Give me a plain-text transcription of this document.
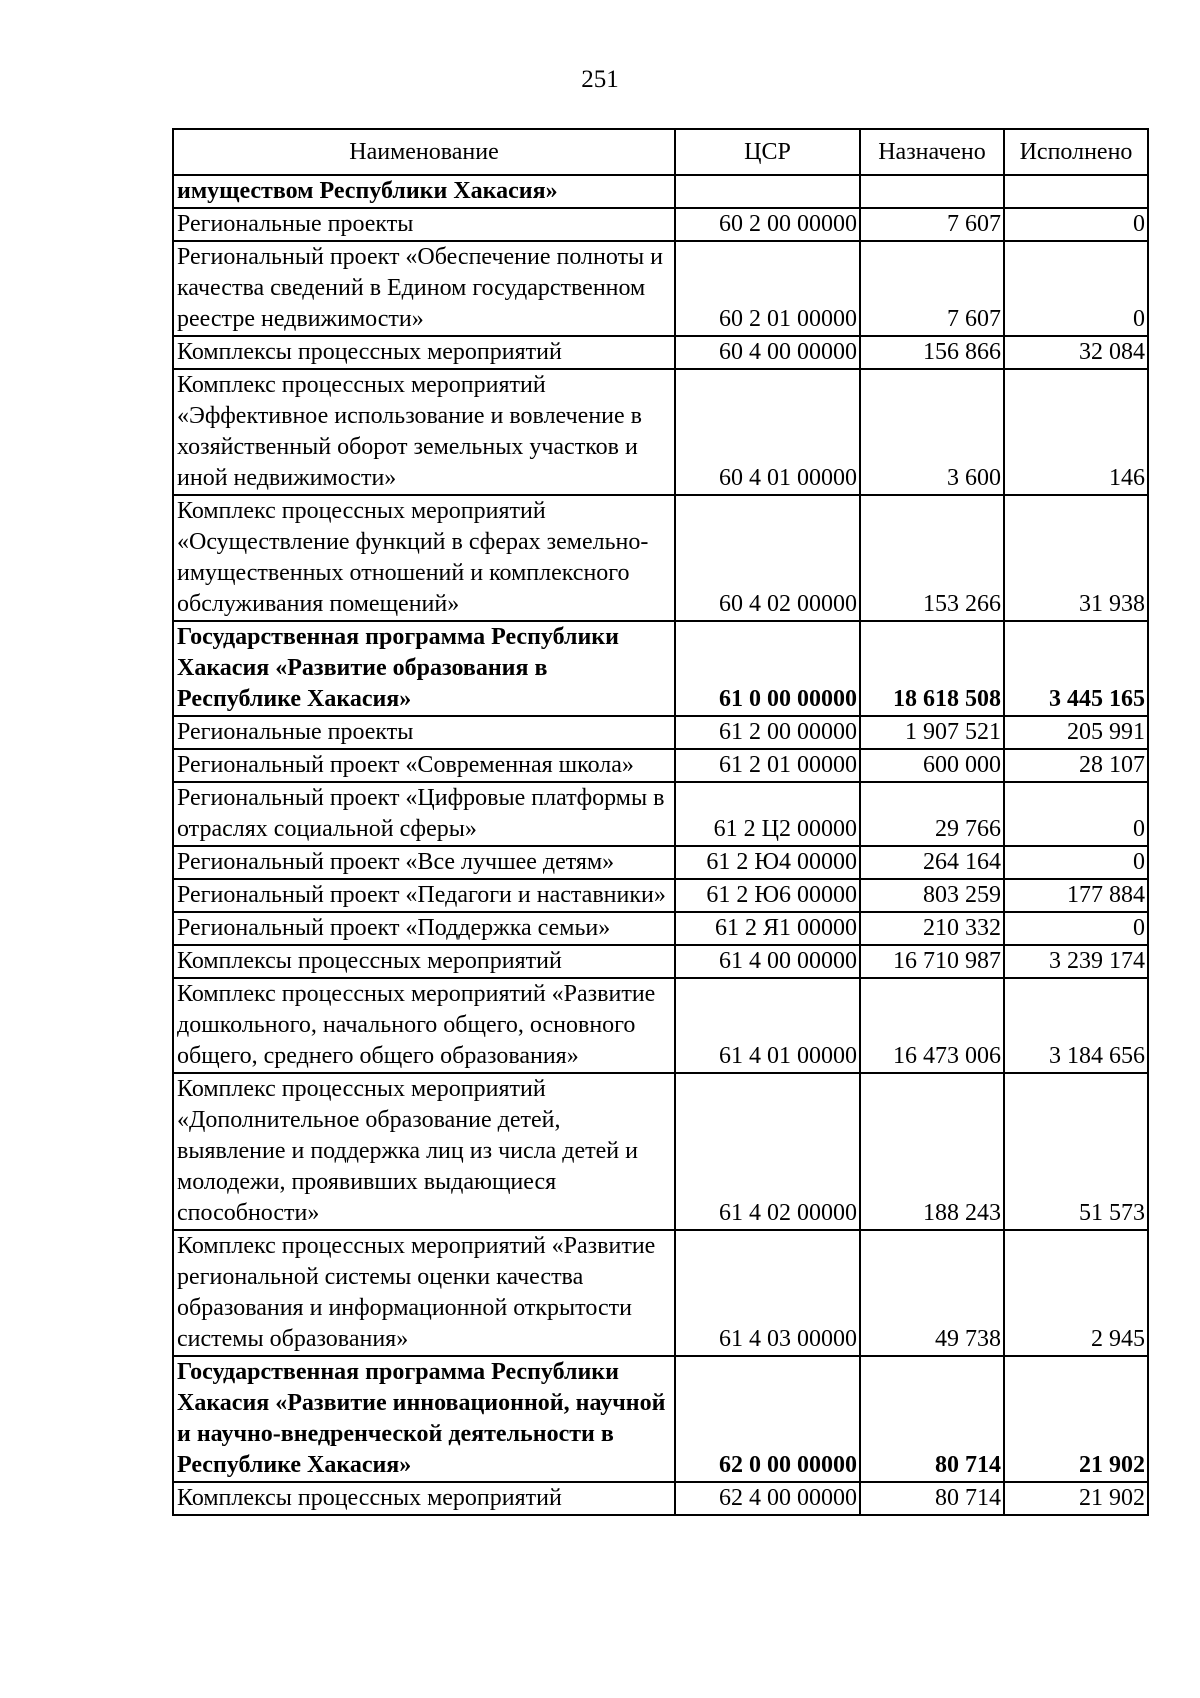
251
Наименование	ЦСР	Назначено	Исполнено
имуществом Республики Хакасия»			
Региональные проекты	60 2 00 00000	7 607	0
Региональный проект «Обеспечение полноты и качества сведений в Едином государственном реестре недвижимости»	60 2 01 00000	7 607	0
Комплексы процессных мероприятий	60 4 00 00000	156 866	32 084
Комплекс процессных мероприятий «Эффективное использование и вовлечение в хозяйственный оборот земельных участков и иной недвижимости»	60 4 01 00000	3 600	146
Комплекс процессных мероприятий «Осуществление функций в сферах земельно-имущественных отношений и комплексного обслуживания помещений»	60 4 02 00000	153 266	31 938
Государственная программа Республики Хакасия «Развитие образования в Республике Хакасия»	61 0 00 00000	18 618 508	3 445 165
Региональные проекты	61 2 00 00000	1 907 521	205 991
Региональный проект «Современная школа»	61 2 01 00000	600 000	28 107
Региональный проект «Цифровые платформы в отраслях социальной сферы»	61 2 Ц2 00000	29 766	0
Региональный проект «Все лучшее детям»	61 2 Ю4 00000	264 164	0
Региональный проект «Педагоги и наставники»	61 2 Ю6 00000	803 259	177 884
Региональный проект «Поддержка семьи»	61 2 Я1 00000	210 332	0
Комплексы процессных мероприятий	61 4 00 00000	16 710 987	3 239 174
Комплекс процессных мероприятий «Развитие дошкольного, начального общего, основного общего, среднего общего образования»	61 4 01 00000	16 473 006	3 184 656
Комплекс процессных мероприятий «Дополнительное образование детей, выявление и поддержка лиц из числа детей и молодежи, проявивших выдающиеся способности»	61 4 02 00000	188 243	51 573
Комплекс процессных мероприятий «Развитие региональной системы оценки качества образования и информационной открытости системы образования»	61 4 03 00000	49 738	2 945
Государственная программа Республики Хакасия «Развитие инновационной, научной и научно-внедренческой деятельности в Республике Хакасия»	62 0 00 00000	80 714	21 902
Комплексы процессных мероприятий	62 4 00 00000	80 714	21 902
